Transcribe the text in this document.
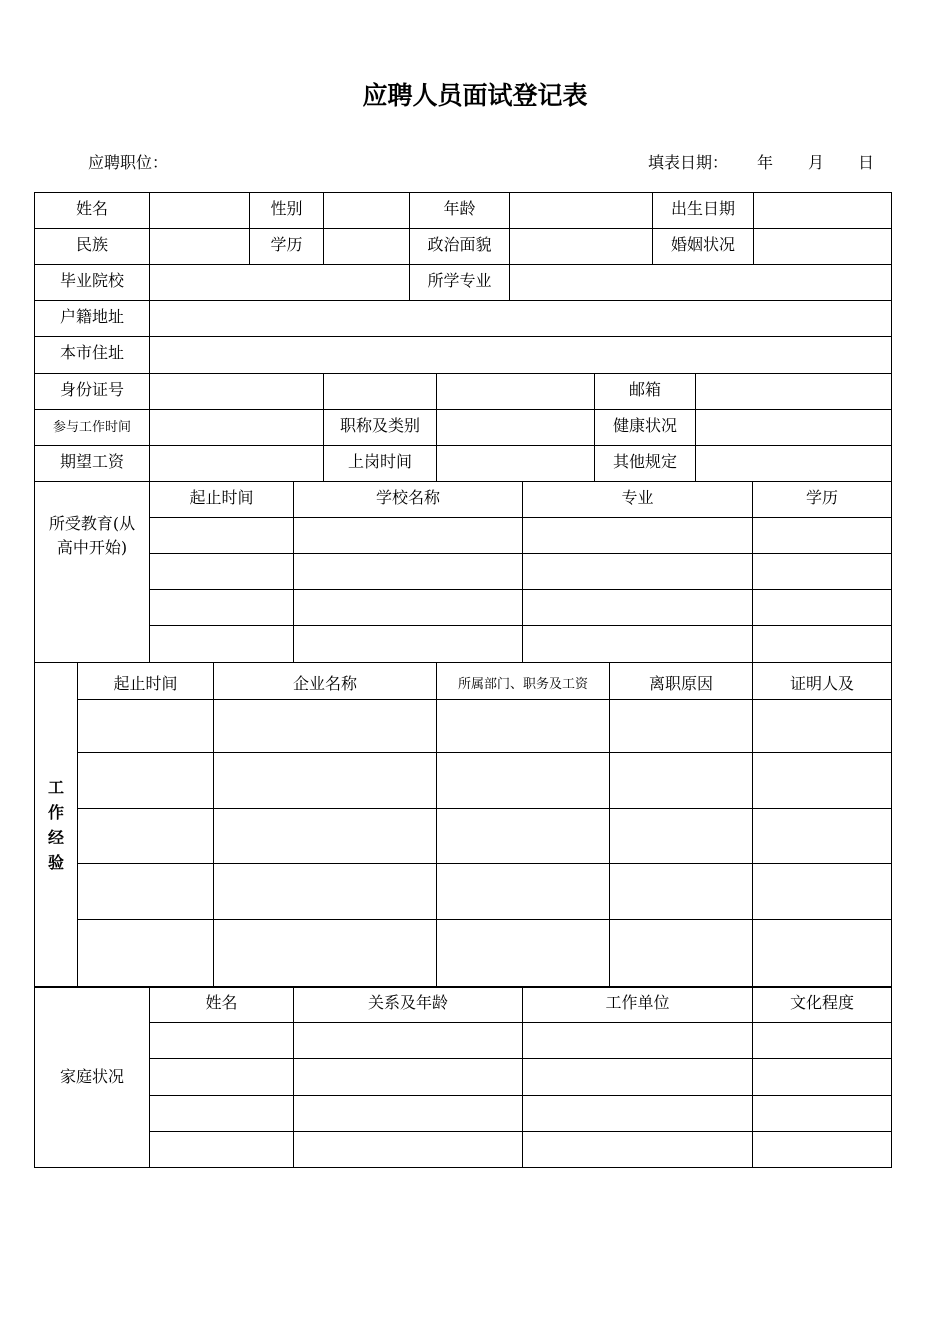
应聘人员面试登记表
应聘职位：	填表日期： 年 月 日
姓名		性别		年龄		出生日期	
民族		学历		政治面貌		婚姻状况	
毕业院校				所学专业			
户籍地址					
本市住址					
身份证号				邮箱	
参与工作时间		职称及类别		健康状况	
期望工资		上岗时间		其他规定	
所受教育(从高中开始)	起止时间	学校名称	专业	学历

工
作
经
验	起止时间	企业名称	所属部门、职务及工资	离职原因	证明人及

家庭状况	姓名	关系及年龄	工作单位	文化程度
